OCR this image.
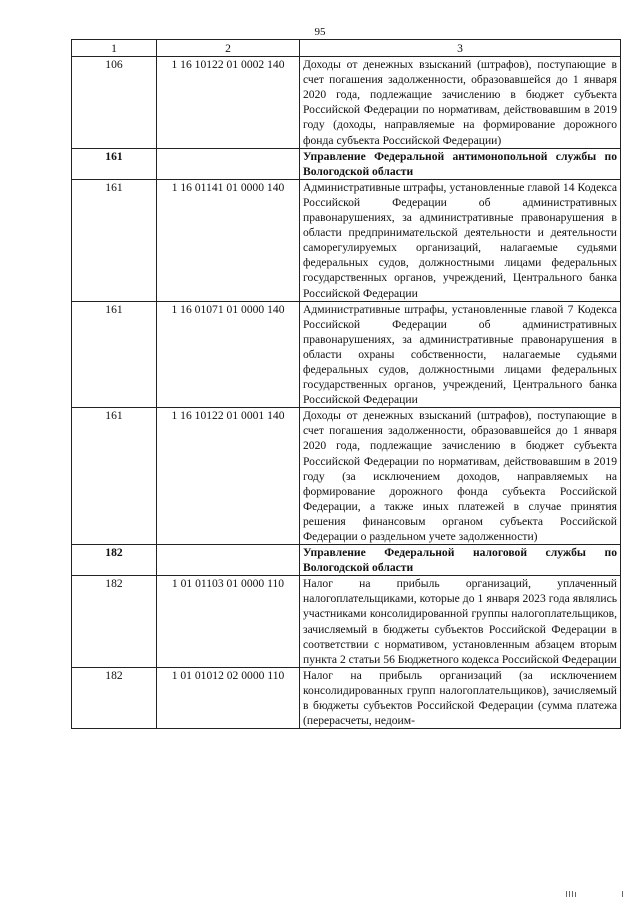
95
1	2	3
106	1 16 10122 01 0002 140	Доходы от денежных взысканий (штрафов), поступающие в счет погашения задолженности, образовавшейся до 1 января 2020 года, подлежащие зачислению в бюджет субъекта Российской Федерации по нормативам, действовавшим в 2019 году (доходы, направляемые на формирование дорожного фонда субъекта Российской Федерации)
161		Управление Федеральной антимонопольной службы по Вологодской области
161	1 16 01141 01 0000 140	Административные штрафы, установленные главой 14 Кодекса Российской Федерации об административных правонарушениях, за административные правонарушения в области предпринимательской деятельности и деятельности саморегулируемых организаций, налагаемые судьями федеральных судов, должностными лицами федеральных государственных органов, учреждений, Центрального банка Российской Федерации
161	1 16 01071 01 0000 140	Административные штрафы, установленные главой 7 Кодекса Российской Федерации об административных правонарушениях, за административные правонарушения в области охраны собственности, налагаемые судьями федеральных судов, должностными лицами федеральных государственных органов, учреждений, Центрального банка Российской Федерации
161	1 16 10122 01 0001 140	Доходы от денежных взысканий (штрафов), поступающие в счет погашения задолженности, образовавшейся до 1 января 2020 года, подлежащие зачислению в бюджет субъекта Российской Федерации по нормативам, действовавшим в 2019 году (за исключением доходов, направляемых на формирование дорожного фонда субъекта Российской Федерации, а также иных платежей в случае принятия решения финансовым органом субъекта Российской Федерации о раздельном учете задолженности)
182		Управление Федеральной налоговой службы по Вологодской области
182	1 01 01103 01 0000 110	Налог на прибыль организаций, уплаченный налогоплательщиками, которые до 1 января 2023 года являлись участниками консолидированной группы налогоплательщиков, зачисляемый в бюджеты субъектов Российской Федерации в соответствии с нормативом, установленным абзацем вторым пункта 2 статьи 56 Бюджетного кодекса Российской Федерации
182	1 01 01012 02 0000 110	Налог на прибыль организаций (за исключением консолидированных групп налогоплательщиков), зачисляемый в бюджеты субъектов Российской Федерации (сумма платежа (перерасчеты, недоим-
